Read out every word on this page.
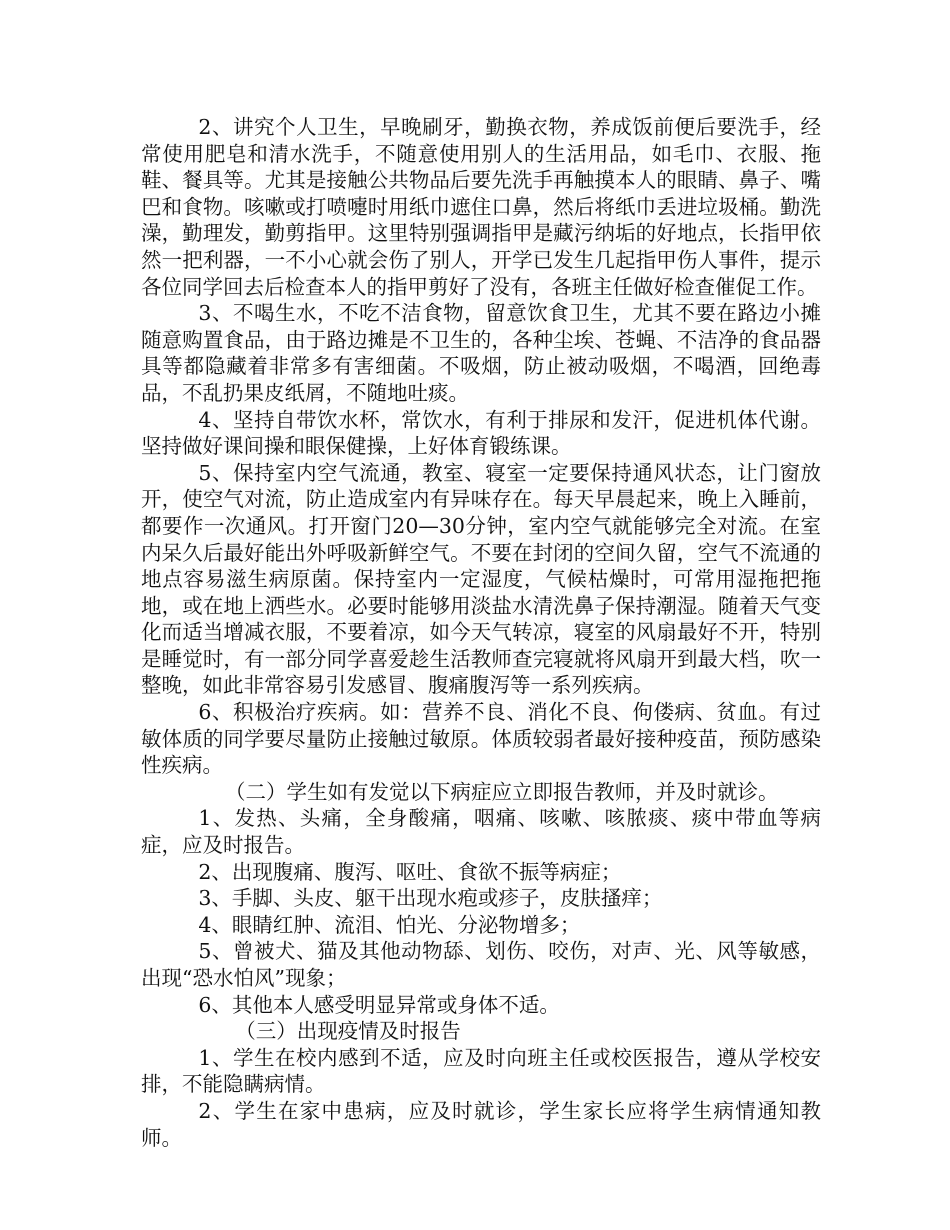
2、讲究个人卫生，早晚刷牙，勤换衣物，养成饭前便后要洗手，经常使用肥皂和清水洗手，不随意使用别人的生活用品，如毛巾、衣服、拖鞋、餐具等。尤其是接触公共物品后要先洗手再触摸本人的眼睛、鼻子、嘴巴和食物。咳嗽或打喷嚏时用纸巾遮住口鼻，然后将纸巾丢进垃圾桶。勤洗澡，勤理发，勤剪指甲。这里特别强调指甲是藏污纳垢的好地点，长指甲依然一把利器，一不小心就会伤了别人，开学已发生几起指甲伤人事件，提示各位同学回去后检查本人的指甲剪好了没有，各班主任做好检查催促工作。

3、不喝生水，不吃不洁食物，留意饮食卫生，尤其不要在路边小摊随意购置食品，由于路边摊是不卫生的，各种尘埃、苍蝇、不洁净的食品器具等都隐藏着非常多有害细菌。不吸烟，防止被动吸烟，不喝酒，回绝毒品，不乱扔果皮纸屑，不随地吐痰。

4、坚持自带饮水杯，常饮水，有利于排尿和发汗，促进机体代谢。坚持做好课间操和眼保健操，上好体育锻练课。

5、保持室内空气流通，教室、寝室一定要保持通风状态，让门窗放开，使空气对流，防止造成室内有异味存在。每天早晨起来，晚上入睡前，都要作一次通风。打开窗门20—30分钟，室内空气就能够完全对流。在室内呆久后最好能出外呼吸新鲜空气。不要在封闭的空间久留，空气不流通的地点容易滋生病原菌。保持室内一定湿度，气候枯燥时，可常用湿拖把拖地，或在地上洒些水。必要时能够用淡盐水清洗鼻子保持潮湿。随着天气变化而适当增减衣服，不要着凉，如今天气转凉，寝室的风扇最好不开，特别是睡觉时，有一部分同学喜爱趁生活教师查完寝就将风扇开到最大档，吹一整晚，如此非常容易引发感冒、腹痛腹泻等一系列疾病。

6、积极治疗疾病。如：营养不良、消化不良、佝偻病、贫血。有过敏体质的同学要尽量防止接触过敏原。体质较弱者最好接种疫苗，预防感染性疾病。

（二）学生如有发觉以下病症应立即报告教师，并及时就诊。

1、发热、头痛，全身酸痛，咽痛、咳嗽、咳脓痰、痰中带血等病症，应及时报告。

2、出现腹痛、腹泻、呕吐、食欲不振等病症；

3、手脚、头皮、躯干出现水疱或疹子，皮肤搔痒；

4、眼睛红肿、流泪、怕光、分泌物增多；

5、曾被犬、猫及其他动物舔、划伤、咬伤，对声、光、风等敏感，出现“恐水怕风”现象；

6、其他本人感受明显异常或身体不适。

（三）出现疫情及时报告

1、学生在校内感到不适，应及时向班主任或校医报告，遵从学校安排，不能隐瞒病情。

2、学生在家中患病，应及时就诊，学生家长应将学生病情通知教师。
